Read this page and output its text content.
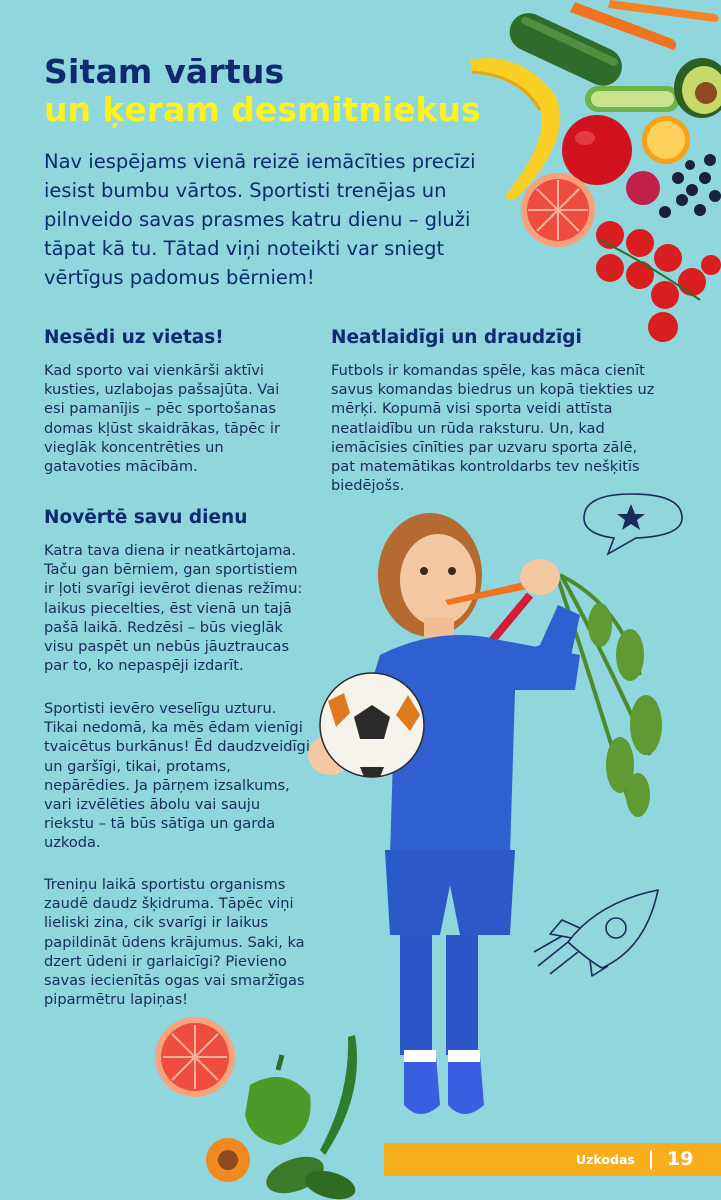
Sitam vārtus
un ķeram desmitniekus
Nav iespējams vienā reizē iemācīties precīzi iesist bumbu vārtos. Sportisti trenējas un pilnveido savas prasmes katru dienu – gluži tāpat kā tu. Tātad viņi noteikti var sniegt vērtīgus padomus bērniem!
Nesēdi uz vietas!
Kad sporto vai vienkārši aktīvi kusties, uzlabojas pašsajūta. Vai esi pamanījis – pēc sportošanas domas kļūst skaidrākas, tāpēc ir vieglāk koncentrēties un gatavoties mācībām.
Neatlaidīgi un draudzīgi
Futbols ir komandas spēle, kas māca cienīt savus komandas biedrus un kopā tiekties uz mērķi. Kopumā visi sporta veidi attīsta neatlaidību un rūda raksturu. Un, kad iemācīsies cīnīties par uzvaru sporta zālē, pat matemātikas kontroldarbs tev nešķitīs biedējošs.
Novērtē savu dienu
Katra tava diena ir neatkārtojama. Taču gan bērniem, gan sportistiem ir ļoti svarīgi ievērot dienas režīmu: laikus piecelties, ēst vienā un tajā pašā laikā. Redzēsi – būs vieglāk visu paspēt un nebūs jāuztraucas par to, ko nepaspēji izdarīt.
Sportisti ievēro veselīgu uzturu. Tikai nedomā, ka mēs ēdam vienīgi tvaicētus burkānus! Ēd daudzveidīgi un garšīgi, tikai, protams, nepārēdies. Ja pārņem izsalkums, vari izvēlēties ābolu vai sauju riekstu – tā būs sātīga un garda uzkoda.
Treniņu laikā sportistu organisms zaudē daudz šķidruma. Tāpēc viņi lieliski zina, cik svarīgi ir laikus papildināt ūdens krājumus. Saki, ka dzert ūdeni ir garlaicīgi? Pievieno savas iecienītās ogas vai smaržīgas piparmētru lapiņas!
Uzkodas 19
